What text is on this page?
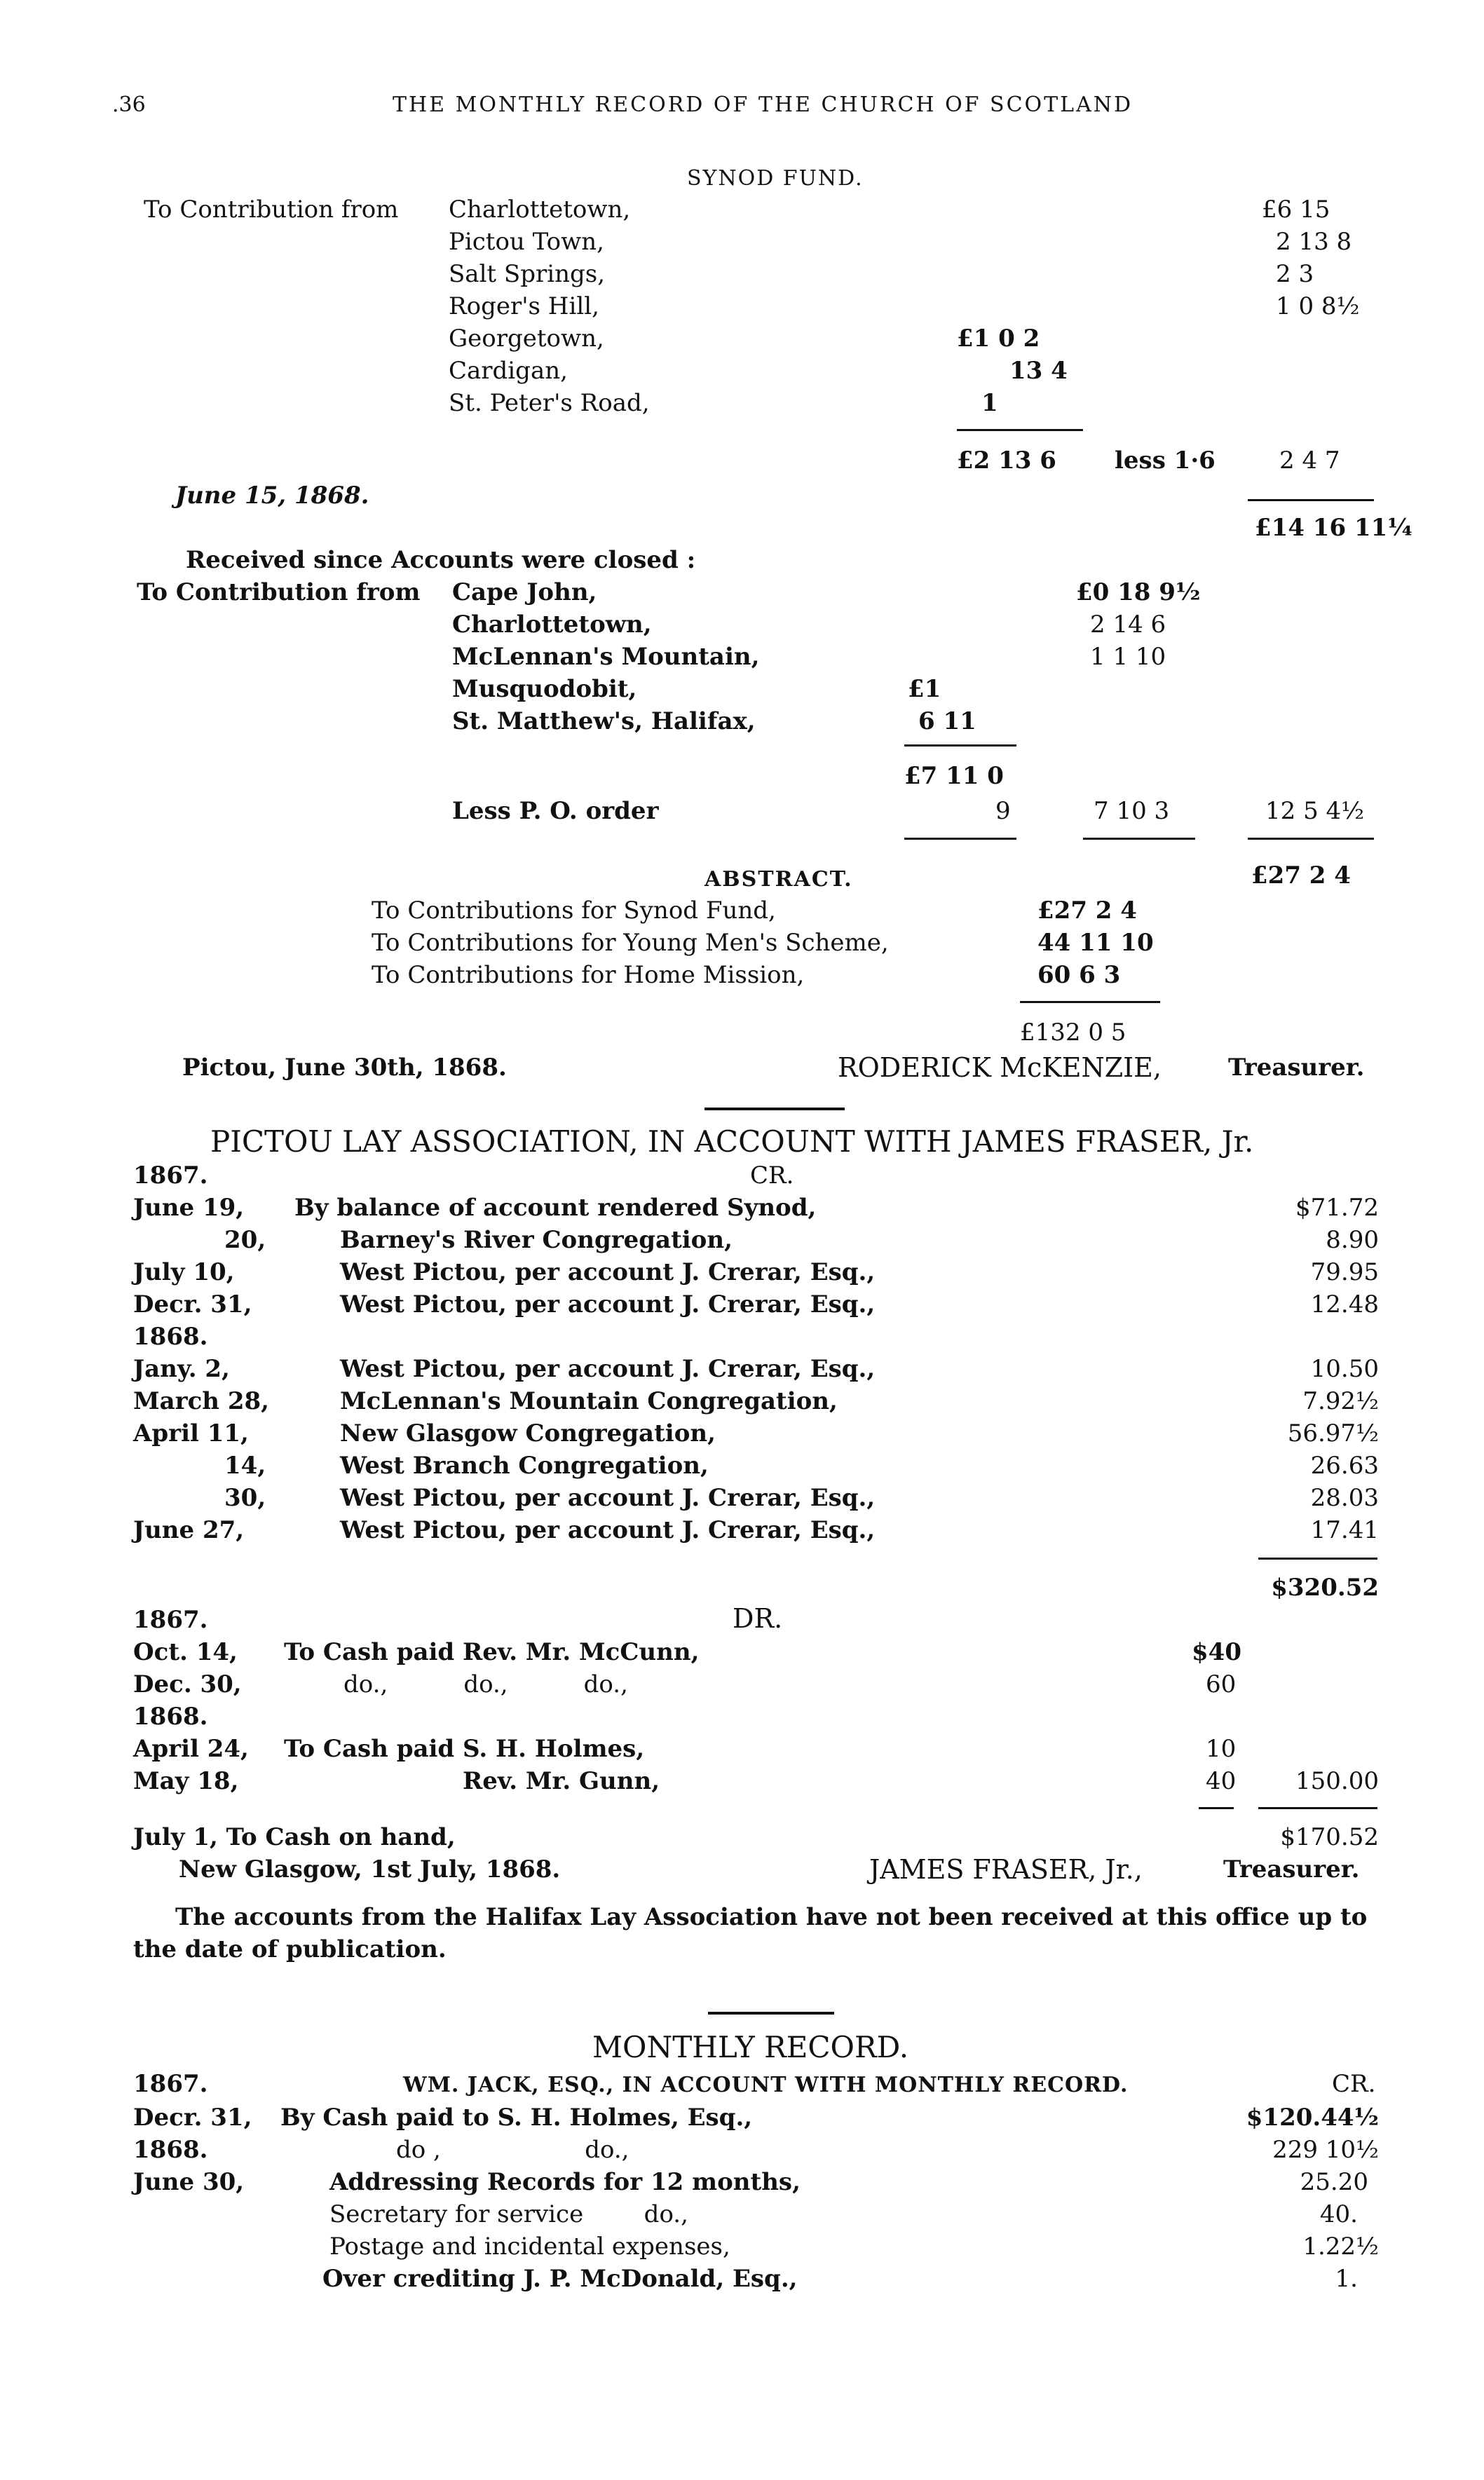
.36	THE MONTHLY RECORD OF THE CHURCH OF SCOTLAND
SYNOD FUND.
To Contribution from Charlottetown,	£6 15
Pictou Town,	2 13 8
Salt Springs,	2 3
Roger's Hill,	1 0 8½
Georgetown,	£1 0 2
Cardigan,	13 4
St. Peter's Road,	1
£2 13 6 less 1·6	2 4 7
June 15, 1868.
£14 16 11¼
Received since Accounts were closed :
To Contribution from Cape John,	£0 18 9½
Charlottetown,	2 14 6
McLennan's Mountain,	1 1 10
Musquodobit,	£1
St. Matthew's, Halifax,	6 11
£7 11 0
Less P. O. order	9	7 10 3	12 5 4½
ABSTRACT.	£27 2 4
To Contributions for Synod Fund,	£27 2 4
To Contributions for Young Men's Scheme,	44 11 10
To Contributions for Home Mission,	60 6 3
£132 0 5
Pictou, June 30th, 1868.	RODERICK McKENZIE,	Treasurer.
PICTOU LAY ASSOCIATION, IN ACCOUNT WITH JAMES FRASER, Jr.
1867.	CR.
June 19, By balance of account rendered Synod,	$71.72
20,	Barney's River Congregation,	8.90
July 10,	West Pictou, per account J. Crerar, Esq.,	79.95
Decr. 31,	West Pictou, per account J. Crerar, Esq.,	12.48
1868.
Jany. 2,	West Pictou, per account J. Crerar, Esq.,	10.50
March 28,	McLennan's Mountain Congregation,	7.92½
April 11,	New Glasgow Congregation,	56.97½
14,	West Branch Congregation,	26.63
30,	West Pictou, per account J. Crerar, Esq.,	28.03
June 27,	West Pictou, per account J. Crerar, Esq.,	17.41
$320.52
1867.	DR.
Oct. 14, To Cash paid Rev. Mr. McCunn,	$40
Dec. 30,	do.,          do.,          do.,	60
1868.
April 24, To Cash paid S. H. Holmes,	10
May 18,	Rev. Mr. Gunn,	40 150.00
July 1, To Cash on hand,	$170.52
New Glasgow, 1st July, 1868.	JAMES FRASER, Jr.,	Treasurer.
The accounts from the Halifax Lay Association have not been received at this office up to the date of publication.
MONTHLY RECORD.
1867.	WM. JACK, ESQ., IN ACCOUNT WITH MONTHLY RECORD.	CR.
Decr. 31, By Cash paid to S. H. Holmes, Esq.,	$120.44½
1868.	do ,                   do.,	229 10½
June 30,	Addressing Records for 12 months,	25.20
Secretary for service        do.,	40.
Postage and incidental expenses,	1.22½
Over crediting J. P. McDonald, Esq.,	1.
